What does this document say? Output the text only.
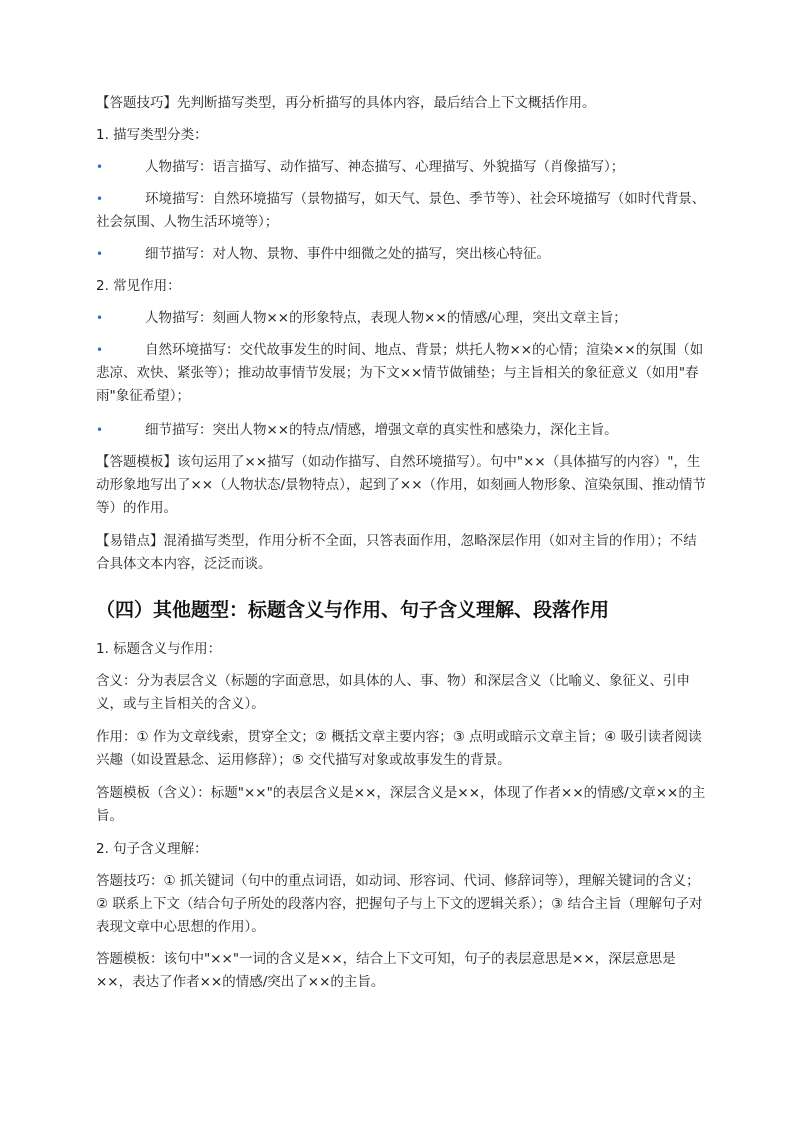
【答题技巧】先判断描写类型，再分析描写的具体内容，最后结合上下文概括作用。

1. 描写类型分类：

•	人物描写：语言描写、动作描写、神态描写、心理描写、外貌描写（肖像描写）；

•	环境描写：自然环境描写（景物描写，如天气、景色、季节等）、社会环境描写（如时代背景、社会氛围、人物生活环境等）；

•	细节描写：对人物、景物、事件中细微之处的描写，突出核心特征。

2. 常见作用：

•	人物描写：刻画人物××的形象特点，表现人物××的情感/心理，突出文章主旨；

•	自然环境描写：交代故事发生的时间、地点、背景；烘托人物××的心情；渲染××的氛围（如悲凉、欢快、紧张等）；推动故事情节发展；为下文××情节做铺垫；与主旨相关的象征意义（如用"春雨"象征希望）；

•	细节描写：突出人物××的特点/情感，增强文章的真实性和感染力，深化主旨。

【答题模板】该句运用了××描写（如动作描写、自然环境描写）。句中"××（具体描写的内容）"，生动形象地写出了××（人物状态/景物特点），起到了××（作用，如刻画人物形象、渲染氛围、推动情节等）的作用。

【易错点】混淆描写类型，作用分析不全面，只答表面作用，忽略深层作用（如对主旨的作用）；不结合具体文本内容，泛泛而谈。

（四）其他题型：标题含义与作用、句子含义理解、段落作用

1. 标题含义与作用：

含义：分为表层含义（标题的字面意思，如具体的人、事、物）和深层含义（比喻义、象征义、引申义，或与主旨相关的含义）。

作用：① 作为文章线索，贯穿全文；② 概括文章主要内容；③ 点明或暗示文章主旨；④ 吸引读者阅读兴趣（如设置悬念、运用修辞）；⑤ 交代描写对象或故事发生的背景。

答题模板（含义）：标题"××"的表层含义是××，深层含义是××，体现了作者××的情感/文章××的主旨。

2. 句子含义理解：

答题技巧：① 抓关键词（句中的重点词语，如动词、形容词、代词、修辞词等），理解关键词的含义；② 联系上下文（结合句子所处的段落内容，把握句子与上下文的逻辑关系）；③ 结合主旨（理解句子对表现文章中心思想的作用）。

答题模板：该句中"××"一词的含义是××，结合上下文可知，句子的表层意思是××，深层意思是××，表达了作者××的情感/突出了××的主旨。
